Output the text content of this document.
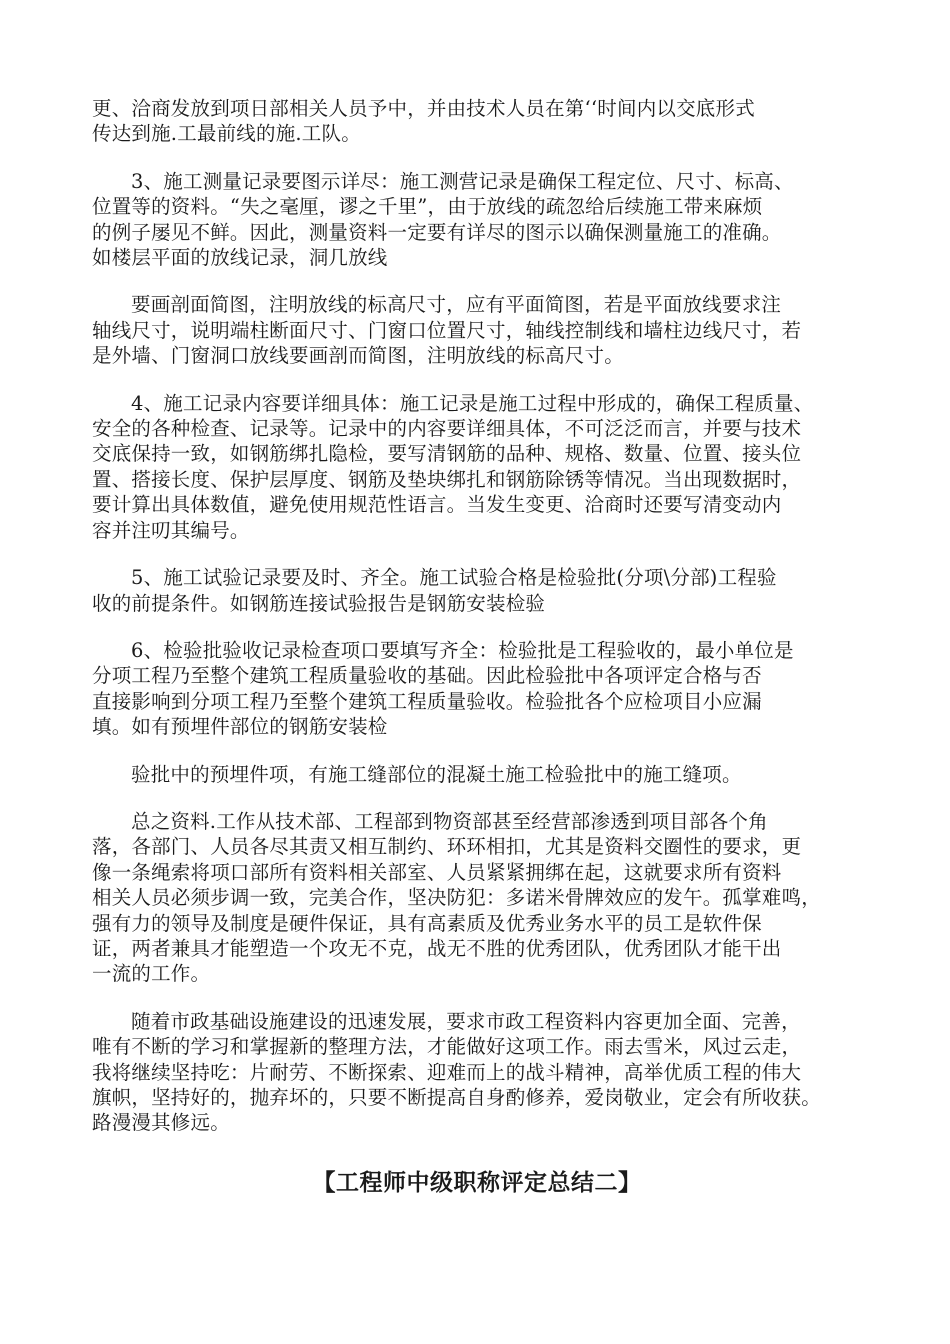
更、洽商发放到项日部相关人员予中，并由技术人员在第‘‘时间内以交底形式
传达到施.工最前线的施.工队。

3、施工测量记录要图示详尽：施工测营记录是确保工程定位、尺寸、标高、
位置等的资料。“失之毫厘，谬之千里”，由于放线的疏忽给后续施工带来麻烦
的例子屡见不鲜。因此，测量资料一定要有详尽的图示以确保测量施工的准确。
如楼层平面的放线记录，洞几放线

要画剖面简图，注明放线的标高尺寸，应有平面简图，若是平面放线要求注
轴线尺寸，说明端柱断面尺寸、门窗口位置尺寸，轴线控制线和墙柱边线尺寸，若
是外墙、门窗洞口放线要画剖而简图，注明放线的标高尺寸。

4、施工记录内容要详细具体：施工记录是施工过程中形成的，确保工程质量、
安全的各种检查、记录等。记录中的内容要详细具体，不可泛泛而言，并要与技术
交底保持一致，如钢筋绑扎隐检，要写清钢筋的品种、规格、数量、位置、接头位
置、搭接长度、保护层厚度、钢筋及垫块绑扎和钢筋除锈等情况。当出现数据时，
要计算出具体数值，避免使用规范性语言。当发生变更、洽商时还要写清变动内
容并注叨其编号。

5、施工试验记录要及时、齐全。施工试验合格是检验批(分项\分部)工程验
收的前提条件。如钢筋连接试验报告是钢筋安装检验

6、检验批验收记录检查项口要填写齐全：检验批是工程验收的，最小单位是
分项工程乃至整个建筑工程质量验收的基础。因此检验批中各项评定合格与否
直接影响到分项工程乃至整个建筑工程质量验收。检验批各个应检项目小应漏
填。如有预埋件部位的钢筋安装检

验批中的预埋件项，有施工缝部位的混凝土施工检验批中的施工缝项。

总之资料.工作从技术部、工程部到物资部甚至经营部渗透到项目部各个角
落，各部门、人员各尽其责又相互制约、环环相扣，尤其是资料交圈性的要求，更
像一条绳索将项口部所有资料相关部室、人员紧紧拥绑在起，这就要求所有资料
相关人员必须步调一致，完美合作，坚决防犯：多诺米骨牌效应的发午。孤掌难鸣，
强有力的领导及制度是硬件保证，具有高素质及优秀业务水平的员工是软件保
证，两者兼具才能塑造一个攻无不克，战无不胜的优秀团队，优秀团队才能干出
一流的工作。

随着市政基础设施建设的迅速发展，要求市政工程资料内容更加全面、完善，
唯有不断的学习和掌握新的整理方法，才能做好这项工作。雨去雪米，风过云走，
我将继续坚持吃：片耐劳、不断探索、迎难而上的战斗精神，高举优质工程的伟大
旗帜，坚持好的，抛弃坏的，只要不断提高自身酌修养，爱岗敬业，定会有所收获。
路漫漫其修远。

【工程师中级职称评定总结二】
